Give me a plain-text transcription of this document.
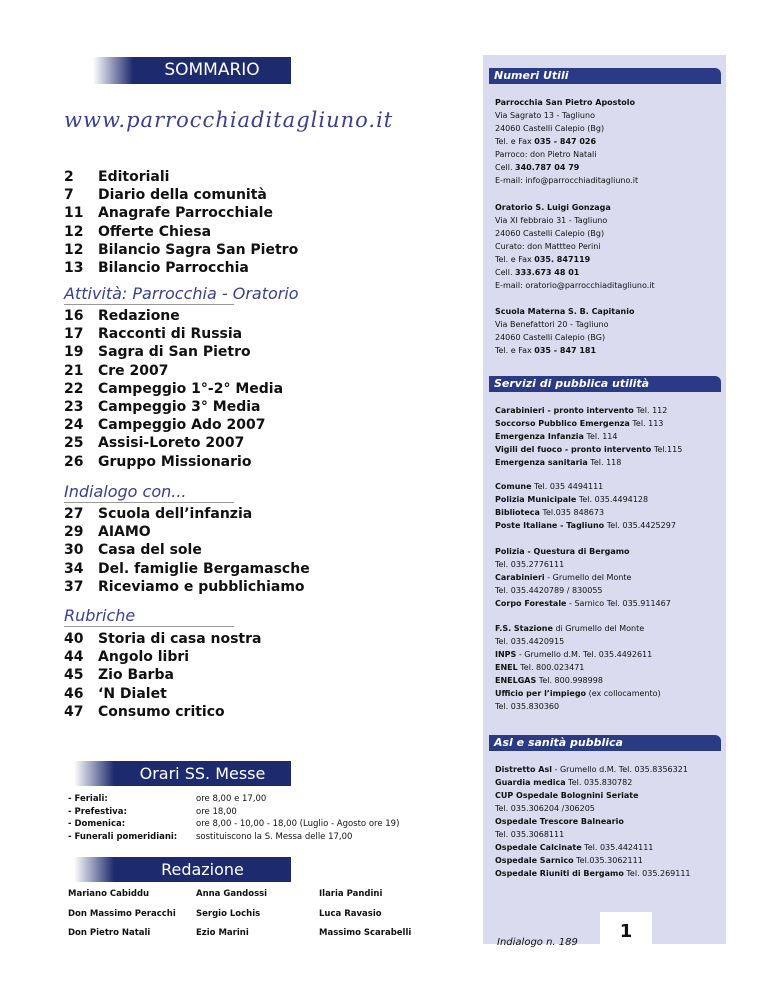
SOMMARIO
www.parrocchiaditagliuno.it
2	Editoriali
7	Diario della comunità
11	Anagrafe Parrocchiale
12	Offerte Chiesa
12	Bilancio Sagra San Pietro
13	Bilancio Parrocchia
Attività: Parrocchia - Oratorio
16	Redazione
17	Racconti di Russia
19	Sagra di San Pietro
21	Cre 2007
22	Campeggio 1°-2° Media
23	Campeggio 3° Media
24	Campeggio Ado 2007
25	Assisi-Loreto 2007
26	Gruppo Missionario
Indialogo con...
27	Scuola dell’infanzia
29	AIAMO
30	Casa del sole
34	Del. famiglie Bergamasche
37	Riceviamo e pubblichiamo
Rubriche
40	Storia di casa nostra
44	Angolo libri
45	Zio Barba
46	‘N Dialet
47	Consumo critico
Orari SS. Messe
- Feriali:	ore 8,00 e 17,00
- Prefestiva:	ore 18,00
- Domenica:	ore 8,00 - 10,00 - 18,00 (Luglio - Agosto ore 19)
- Funerali pomeridiani:	sostituiscono la S. Messa delle 17,00
Redazione
Mariano Cabiddu	Anna Gandossi	Ilaria Pandini
Don Massimo Peracchi	Sergio Lochis	Luca Ravasio
Don Pietro Natali	Ezio Marini	Massimo Scarabelli
Numeri Utili
Parrocchia San Pietro Apostolo
Via Sagrato 13 - Tagliuno
24060 Castelli Calepio (Bg)
Tel. e Fax 035 - 847 026
Parroco: don Pietro Natali
Cell. 340.787 04 79
E-mail: info@parrocchiaditagliuno.it
Oratorio S. Luigi Gonzaga
Via XI febbraio 31 - Tagliuno
24060 Castelli Calepio (Bg)
Curato: don Mattteo Perini
Tel. e Fax 035. 847119
Cell. 333.673 48 01
E-mail: oratorio@parrocchiaditagliuno.it
Scuola Materna S. B. Capitanio
Via Benefattori 20 - Tagliuno
24060 Castelli Calepio (BG)
Tel. e Fax 035 - 847 181
Servizi di pubblica utilità
Carabinieri - pronto intervento Tel. 112
Soccorso Pubblico Emergenza Tel. 113
Emergenza Infanzia Tel. 114
Vigili del fuoco - pronto intervento Tel.115
Emergenza sanitaria Tel. 118
Comune Tel. 035 4494111
Polizia Municipale Tel. 035.4494128
Biblioteca Tel.035 848673
Poste Italiane - Tagliuno Tel. 035.4425297
Polizia - Questura di Bergamo
Tel. 035.2776111
Carabinieri - Grumello del Monte
Tel. 035.4420789 / 830055
Corpo Forestale - Sarnico Tel. 035.911467
F.S. Stazione di Grumello del Monte
Tel. 035.4420915
INPS - Grumello d.M. Tel. 035.4492611
ENEL Tel. 800.023471
ENELGAS Tel. 800.998998
Ufficio per l’impiego (ex collocamento)
Tel. 035.830360
Asl e sanità pubblica
Distretto Asl - Grumello d.M. Tel. 035.8356321
Guardia medica Tel. 035.830782
CUP Ospedale Bolognini Seriate
Tel. 035.306204 /306205
Ospedale Trescore Balneario
Tel. 035.3068111
Ospedale Calcinate Tel. 035.4424111
Ospedale Sarnico Tel.035.3062111
Ospedale Riuniti di Bergamo Tel. 035.269111
Indialogo n. 189
1
